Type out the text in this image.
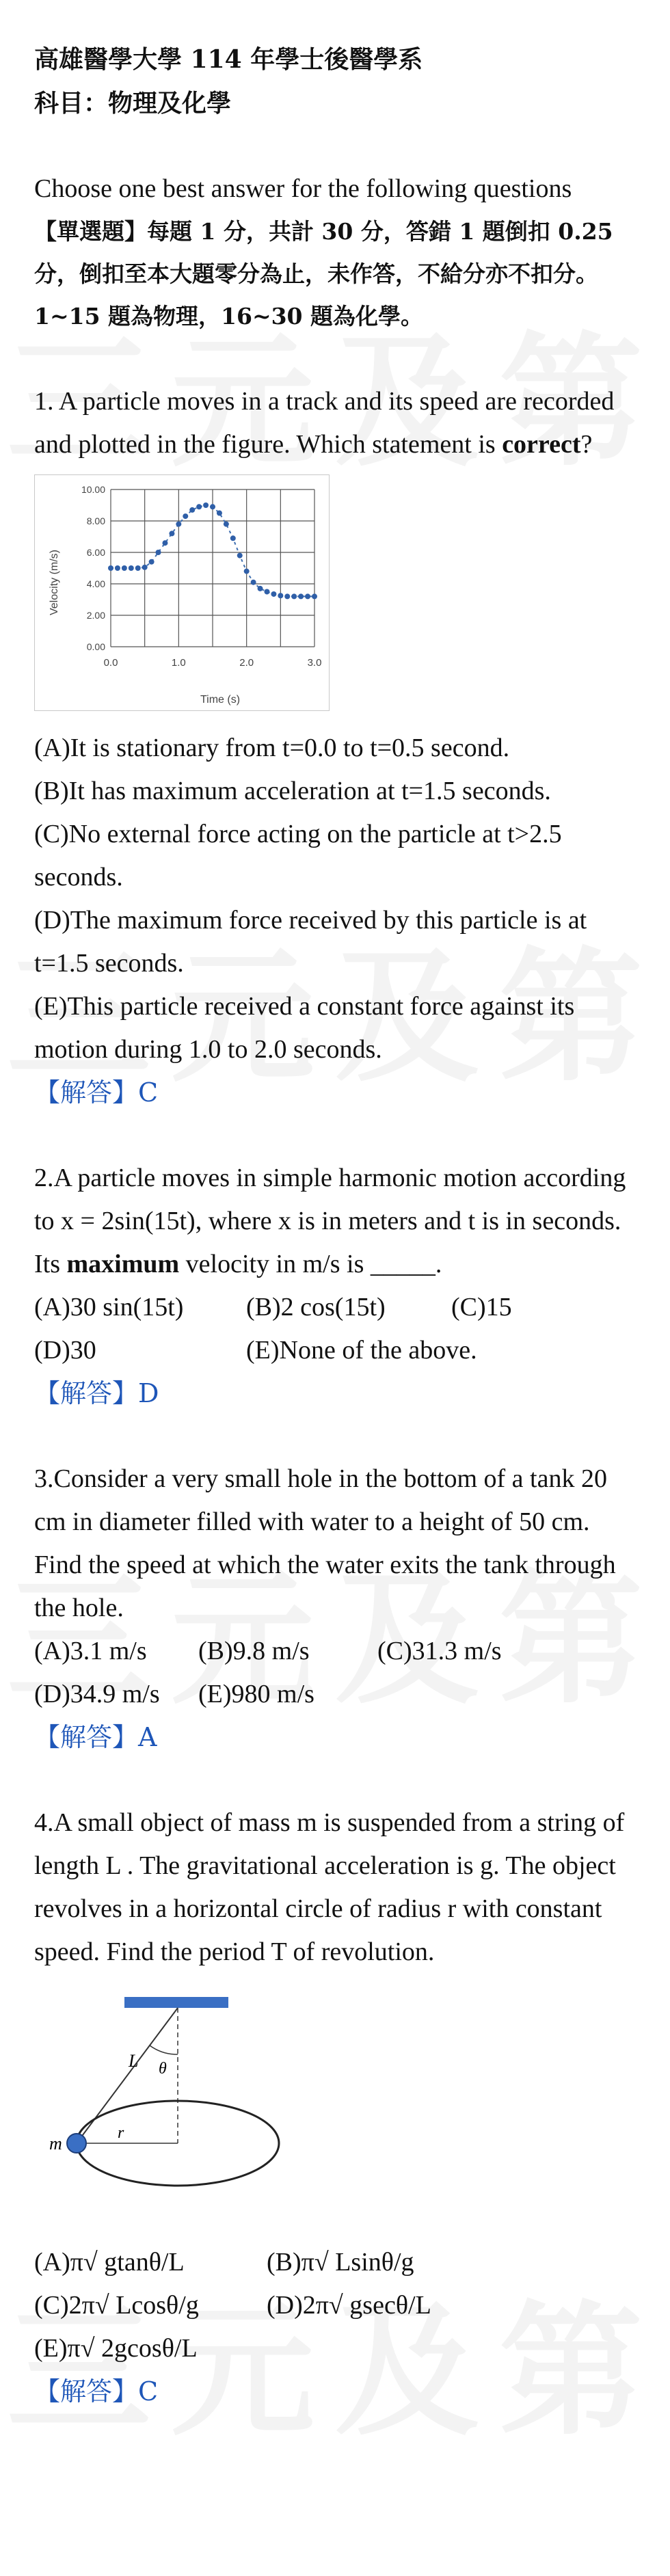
高雄醫學大學 114 年學士後醫學系
科目：物理及化學
Choose one best answer for the following questions
【單選題】每題 1 分，共計 30 分，答錯 1 題倒扣 0.25 分，倒扣至本大題零分為止，未作答，不給分亦不扣分。1~15 題為物理，16~30 題為化學。
1. A particle moves in a track and its speed are recorded and plotted in the figure. Which statement is correct?
0.0	1.0	2.0	3.0
0.00
2.00
4.00
6.00
8.00
10.00
Time (s)
Velocity (m/s)
(A)It is stationary from t=0.0 to t=0.5 second.
(B)It has maximum acceleration at t=1.5 seconds.
(C)No external force acting on the particle at t>2.5 seconds.
(D)The maximum force received by this particle is at t=1.5 seconds.
(E)This particle received a constant force against its motion during 1.0 to 2.0 seconds.
【解答】C
2.A particle moves in simple harmonic motion according to x = 2sin(15t), where x is in meters and t is in seconds. Its maximum velocity in m/s is _____.
(A)30 sin(15t)	(B)2 cos(15t)	(C)15
(D)30	(E)None of the above.
【解答】D
3.Consider a very small hole in the bottom of a tank 20 cm in diameter filled with water to a height of 50 cm. Find the speed at which the water exits the tank through the hole.
(A)3.1 m/s	(B)9.8 m/s	(C)31.3 m/s
(D)34.9 m/s	(E)980 m/s
【解答】A
4.A small object of mass m is suspended from a string of length L . The gravitational acceleration is g. The object revolves in a horizontal circle of radius r with constant speed. Find the period T of revolution.
L θ
m
r
(A)π√ gtanθ/L	(B)π√ Lsinθ/g
(C)2π√ Lcosθ/g	(D)2π√ gsecθ/L
(E)π√ 2gcosθ/L
【解答】C
